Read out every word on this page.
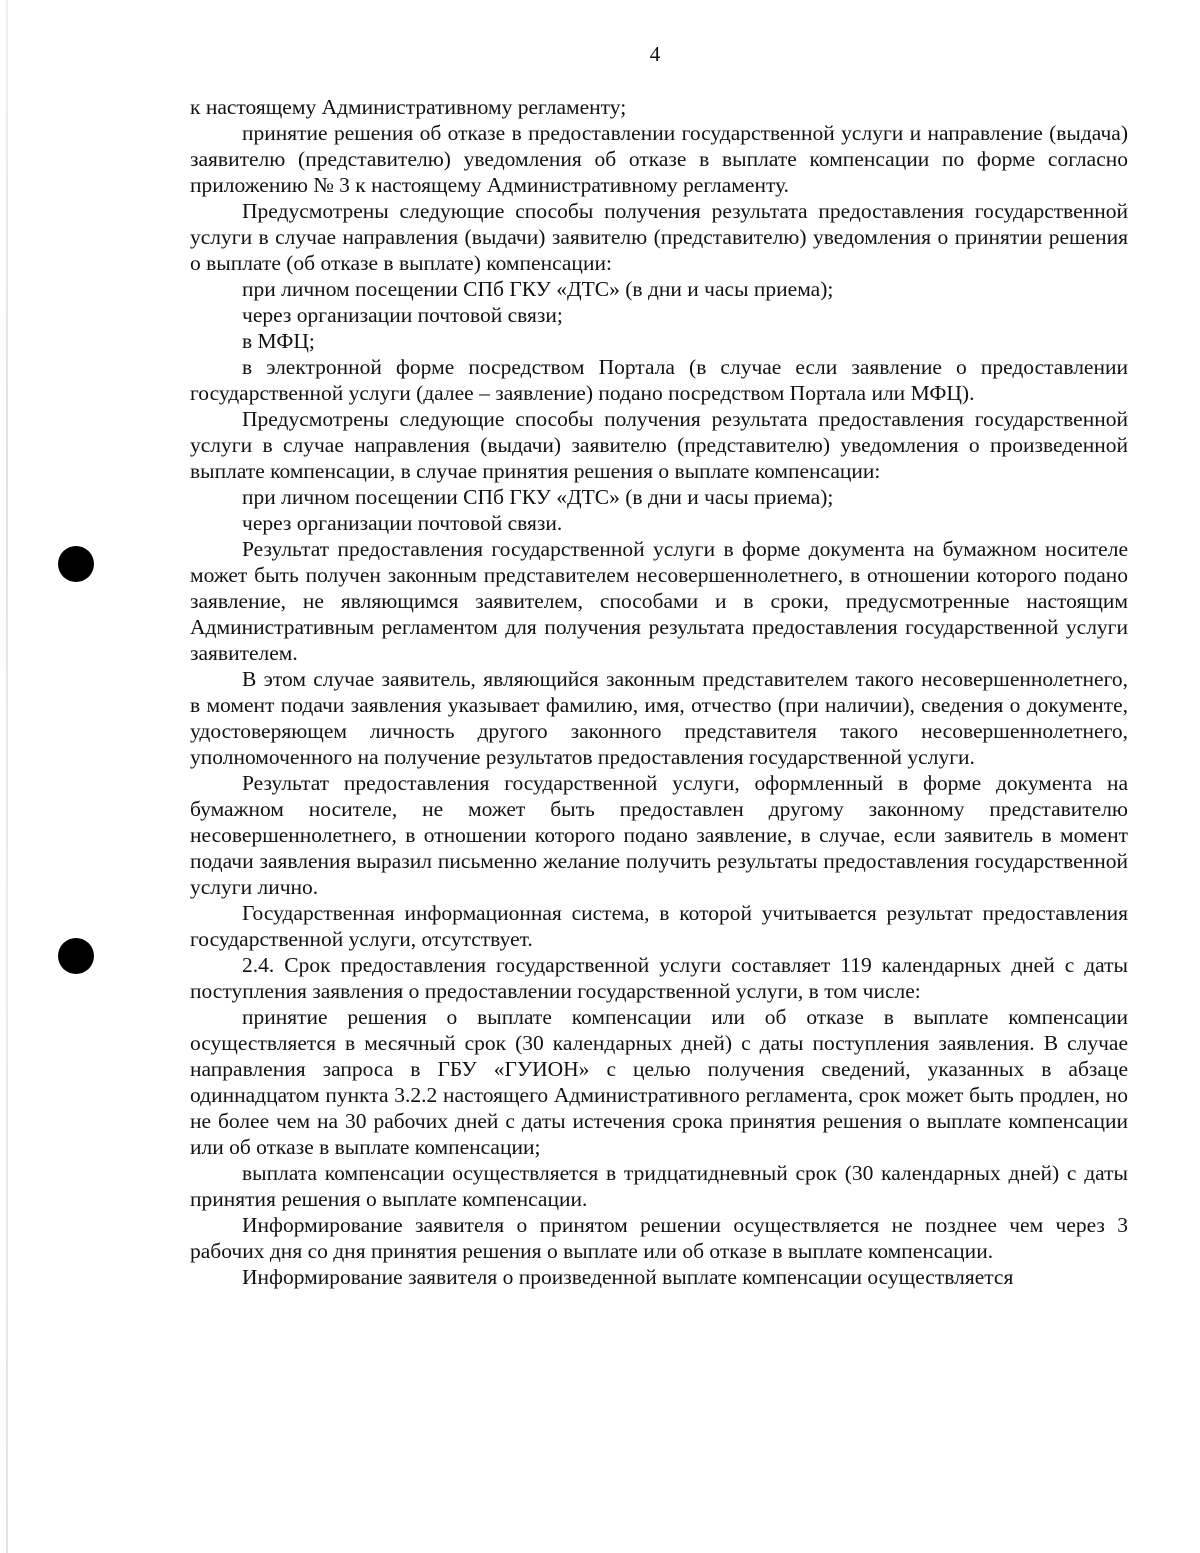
4

к настоящему Административному регламенту;

принятие решения об отказе в предоставлении государственной услуги и направление (выдача) заявителю (представителю) уведомления об отказе в выплате компенсации по форме согласно приложению № 3 к настоящему Административному регламенту.

Предусмотрены следующие способы получения результата предоставления государственной услуги в случае направления (выдачи) заявителю (представителю) уведомления о принятии решения о выплате (об отказе в выплате) компенсации:

при личном посещении СПб ГКУ «ДТС» (в дни и часы приема);

через организации почтовой связи;

в МФЦ;

в электронной форме посредством Портала (в случае если заявление о предоставлении государственной услуги (далее – заявление) подано посредством Портала или МФЦ).

Предусмотрены следующие способы получения результата предоставления государственной услуги в случае направления (выдачи) заявителю (представителю) уведомления о произведенной выплате компенсации, в случае принятия решения о выплате компенсации:

при личном посещении СПб ГКУ «ДТС» (в дни и часы приема);

через организации почтовой связи.

Результат предоставления государственной услуги в форме документа на бумажном носителе может быть получен законным представителем несовершеннолетнего, в отношении которого подано заявление, не являющимся заявителем, способами и в сроки, предусмотренные настоящим Административным регламентом для получения результата предоставления государственной услуги заявителем.

В этом случае заявитель, являющийся законным представителем такого несовершеннолетнего, в момент подачи заявления указывает фамилию, имя, отчество (при наличии), сведения о документе, удостоверяющем личность другого законного представителя такого несовершеннолетнего, уполномоченного на получение результатов предоставления государственной услуги.

Результат предоставления государственной услуги, оформленный в форме документа на бумажном носителе, не может быть предоставлен другому законному представителю несовершеннолетнего, в отношении которого подано заявление, в случае, если заявитель в момент подачи заявления выразил письменно желание получить результаты предоставления государственной услуги лично.

Государственная информационная система, в которой учитывается результат предоставления государственной услуги, отсутствует.

2.4. Срок предоставления государственной услуги составляет 119 календарных дней с даты поступления заявления о предоставлении государственной услуги, в том числе:

принятие решения о выплате компенсации или об отказе в выплате компенсации осуществляется в месячный срок (30 календарных дней) с даты поступления заявления. В случае направления запроса в ГБУ «ГУИОН» с целью получения сведений, указанных в абзаце одиннадцатом пункта 3.2.2 настоящего Административного регламента, срок может быть продлен, но не более чем на 30 рабочих дней с даты истечения срока принятия решения о выплате компенсации или об отказе в выплате компенсации;

выплата компенсации осуществляется в тридцатидневный срок (30 календарных дней) с даты принятия решения о выплате компенсации.

Информирование заявителя о принятом решении осуществляется не позднее чем через 3 рабочих дня со дня принятия решения о выплате или об отказе в выплате компенсации.

Информирование заявителя о произведенной выплате компенсации осуществляется
